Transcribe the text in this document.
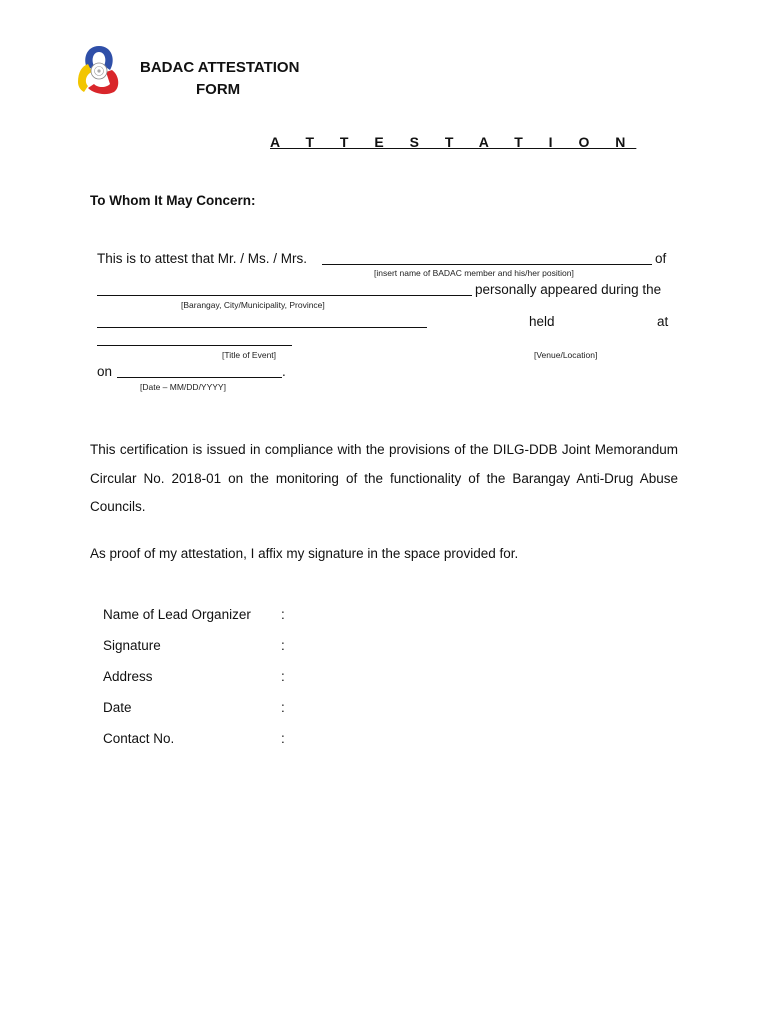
BADAC ATTESTATION
FORM
A T T E S T A T I O N
To Whom It May Concern:
This is to attest that Mr. / Ms. / Mrs.	of
[insert name of BADAC member and his/her position]
personally appeared during the
[Barangay, City/Municipality, Province]
held	at
[Title of Event]	[Venue/Location]
on	.
[Date – MM/DD/YYYY]
This certification is issued in compliance with the provisions of the DILG-DDB Joint Memorandum Circular No. 2018-01 on the monitoring of the functionality of the Barangay Anti-Drug Abuse Councils.
As proof of my attestation, I affix my signature in the space provided for.
Name of Lead Organizer :
Signature	:
Address	:
Date	:
Contact No.	:
